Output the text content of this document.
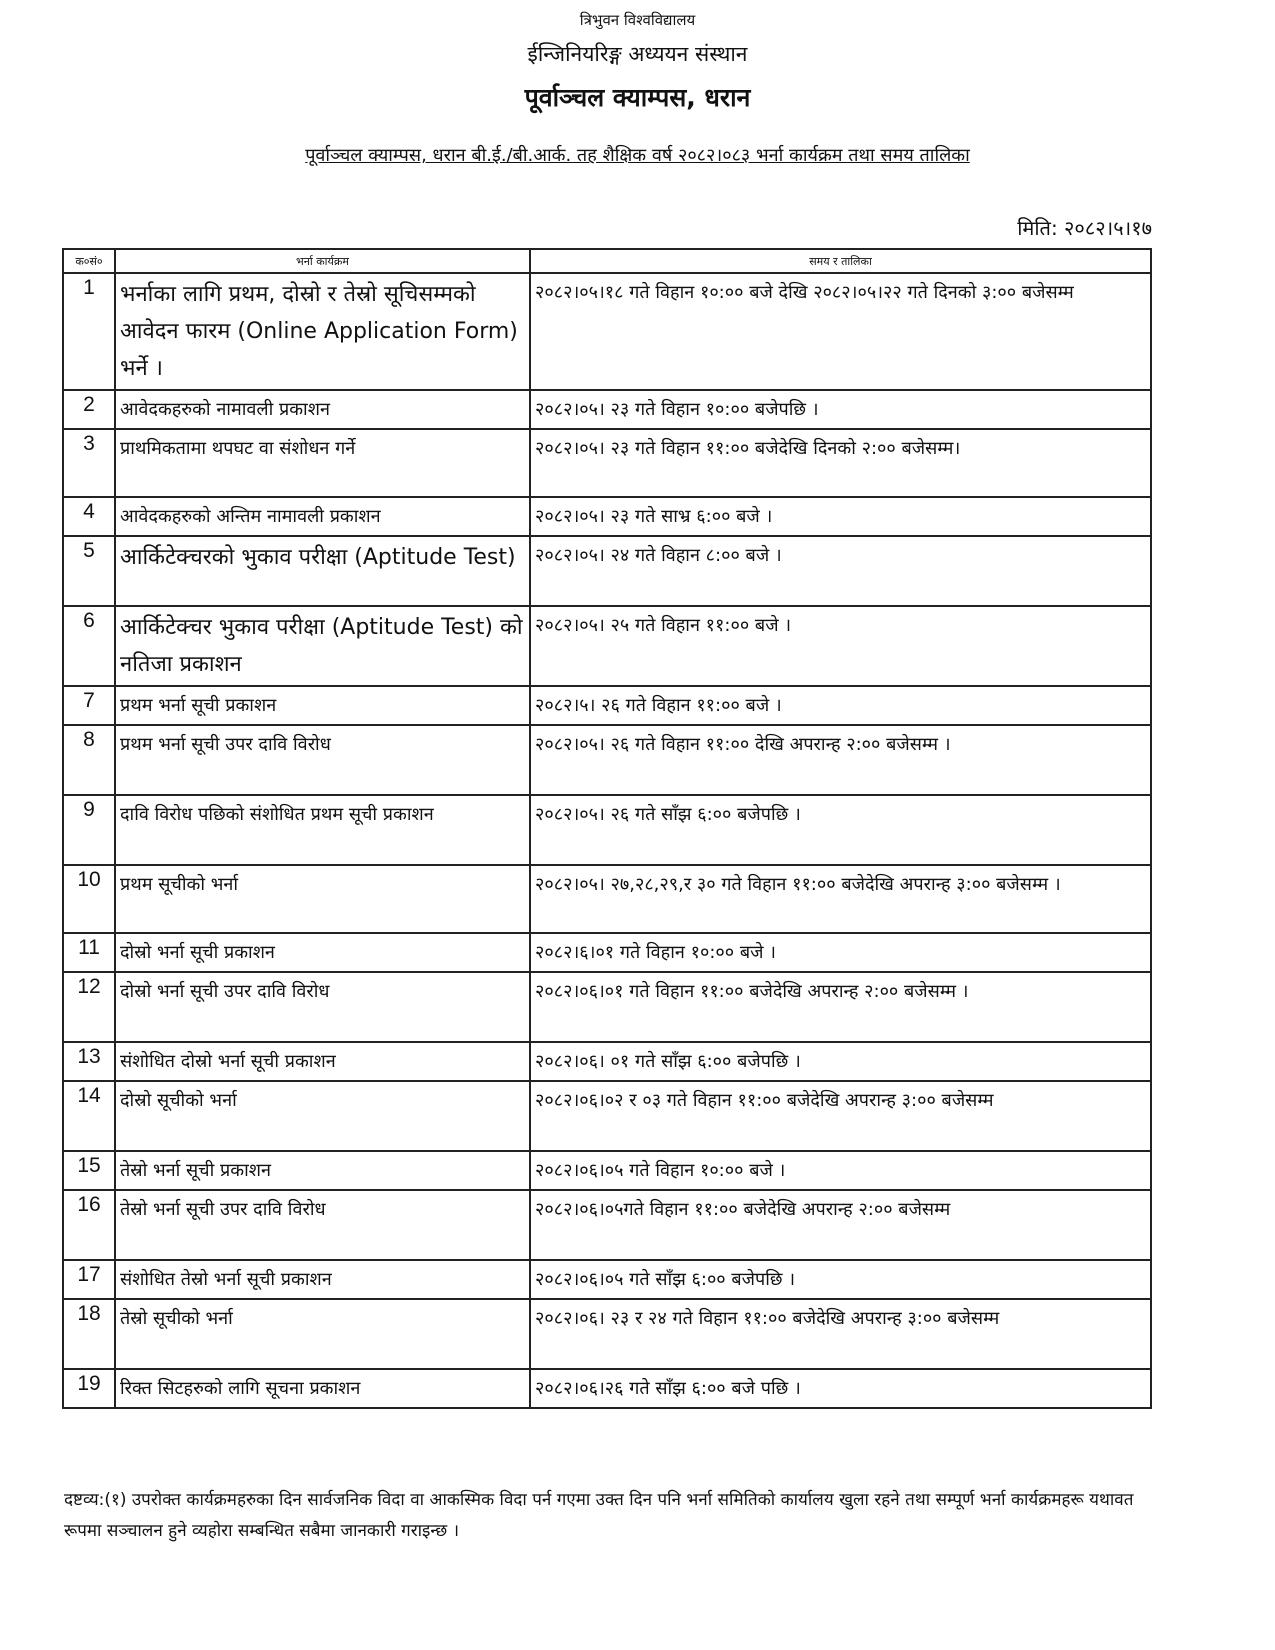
त्रिभुवन विश्वविद्यालय
ईन्जिनियरिङ्ग अध्ययन संस्थान
पूर्वाञ्चल क्याम्पस, धरान
पूर्वाञ्चल क्याम्पस, धरान बी.ई./बी.आर्क. तह शैक्षिक वर्ष २०८२।०८३ भर्ना कार्यक्रम तथा समय तालिका
मिति: २०८२।५।१७
क०सं०	भर्ना कार्यक्रम	समय र तालिका
1	भर्नाका लागि प्रथम, दोस्रो र तेस्रो सूचिसम्मको आवेदन फारम (Online Application Form) भर्ने ।	२०८२।०५।१८ गते विहान १०:०० बजे देखि २०८२।०५।२२ गते दिनको ३:०० बजेसम्म
2	आवेदकहरुको नामावली प्रकाशन	२०८२।०५। २३ गते विहान १०:०० बजेपछि ।
3	प्राथमिकतामा थपघट वा संशोधन गर्ने	२०८२।०५। २३ गते विहान ११:०० बजेदेखि दिनको २:०० बजेसम्म।
4	आवेदकहरुको अन्तिम नामावली प्रकाशन	२०८२।०५। २३ गते साभ्र ६:०० बजे ।
5	आर्किटेक्चरको भुकाव परीक्षा (Aptitude Test)	२०८२।०५। २४ गते विहान ८:०० बजे ।
6	आर्किटेक्चर भुकाव परीक्षा (Aptitude Test) को नतिजा प्रकाशन	२०८२।०५। २५ गते विहान ११:०० बजे ।
7	प्रथम भर्ना सूची प्रकाशन	२०८२।५। २६ गते विहान ११:०० बजे ।
8	प्रथम भर्ना सूची उपर दावि विरोध	२०८२।०५। २६ गते विहान ११:०० देखि अपरान्ह २:०० बजेसम्म ।
9	दावि विरोध पछिको संशोधित प्रथम सूची प्रकाशन	२०८२।०५। २६ गते साँझ ६:०० बजेपछि ।
10	प्रथम सूचीको भर्ना	२०८२।०५। २७,२८,२९,र ३० गते विहान ११:०० बजेदेखि अपरान्ह ३:०० बजेसम्म ।
11	दोस्रो भर्ना सूची प्रकाशन	२०८२।६।०१ गते विहान १०:०० बजे ।
12	दोस्रो भर्ना सूची उपर दावि विरोध	२०८२।०६।०१ गते विहान ११:०० बजेदेखि अपरान्ह २:०० बजेसम्म ।
13	संशोधित दोस्रो भर्ना सूची प्रकाशन	२०८२।०६। ०१ गते साँझ ६:०० बजेपछि ।
14	दोस्रो सूचीको भर्ना	२०८२।०६।०२ र ०३ गते विहान ११:०० बजेदेखि अपरान्ह ३:०० बजेसम्म
15	तेस्रो भर्ना सूची प्रकाशन	२०८२।०६।०५ गते विहान १०:०० बजे ।
16	तेस्रो भर्ना सूची उपर दावि विरोध	२०८२।०६।०५गते विहान ११:०० बजेदेखि अपरान्ह २:०० बजेसम्म
17	संशोधित तेस्रो भर्ना सूची प्रकाशन	२०८२।०६।०५ गते साँझ ६:०० बजेपछि ।
18	तेस्रो सूचीको भर्ना	२०८२।०६। २३ र २४ गते विहान ११:०० बजेदेखि अपरान्ह ३:०० बजेसम्म
19	रिक्त सिटहरुको लागि सूचना प्रकाशन	२०८२।०६।२६ गते साँझ ६:०० बजे पछि ।
दष्टव्य:(१) उपरोक्त कार्यक्रमहरुका दिन सार्वजनिक विदा वा आकस्मिक विदा पर्न गएमा उक्त दिन पनि भर्ना समितिको कार्यालय खुला रहने तथा सम्पूर्ण भर्ना कार्यक्रमहरू यथावत रूपमा सञ्चालन हुने व्यहोरा सम्बन्धित सबैमा जानकारी गराइन्छ ।
